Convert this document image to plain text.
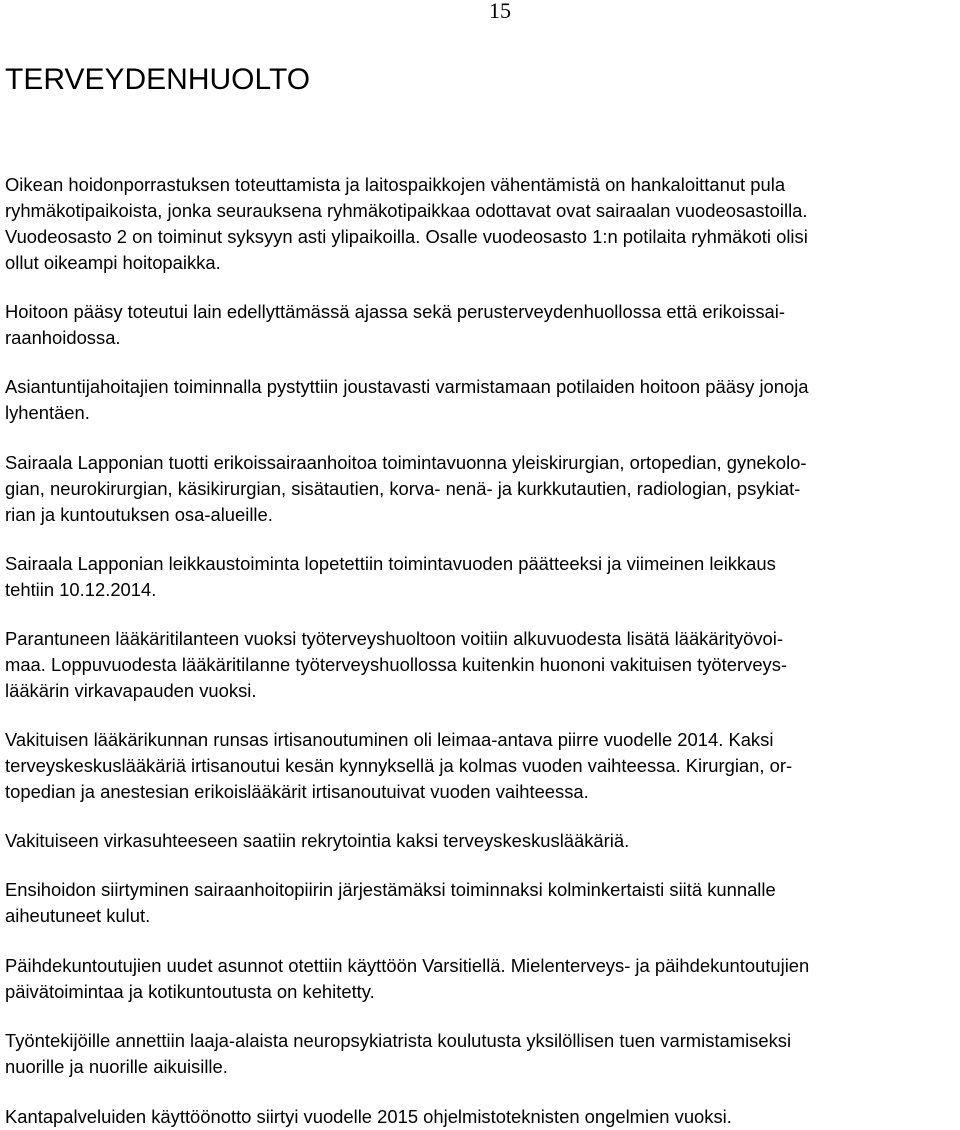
15
TERVEYDENHUOLTO

Oikean hoidonporrastuksen toteuttamista ja laitospaikkojen vähentämistä on hankaloittanut pula
ryhmäkotipaikoista, jonka seurauksena ryhmäkotipaikkaa odottavat ovat sairaalan vuodeosastoilla.
Vuodeosasto 2 on toiminut syksyyn asti ylipaikoilla. Osalle vuodeosasto 1:n potilaita ryhmäkoti olisi
ollut oikeampi hoitopaikka.

Hoitoon pääsy toteutui lain edellyttämässä ajassa sekä perusterveydenhuollossa että erikoissai-
raanhoidossa.

Asiantuntijahoitajien toiminnalla pystyttiin joustavasti varmistamaan potilaiden hoitoon pääsy jonoja
lyhentäen.

Sairaala Lapponian tuotti erikoissairaanhoitoa toimintavuonna yleiskirurgian, ortopedian, gynekolo-
gian, neurokirurgian, käsikirurgian, sisätautien, korva- nenä- ja kurkkutautien, radiologian, psykiat-
rian ja kuntoutuksen osa-alueille.

Sairaala Lapponian leikkaustoiminta lopetettiin toimintavuoden päätteeksi ja viimeinen leikkaus
tehtiin 10.12.2014.

Parantuneen lääkäritilanteen vuoksi työterveyshuoltoon voitiin alkuvuodesta lisätä lääkärityövoi-
maa. Loppuvuodesta lääkäritilanne työterveyshuollossa kuitenkin huononi vakituisen työterveys-
lääkärin virkavapauden vuoksi.

Vakituisen lääkärikunnan runsas irtisanoutuminen oli leimaa-antava piirre vuodelle 2014. Kaksi
terveyskeskuslääkäriä irtisanoutui kesän kynnyksellä ja kolmas vuoden vaihteessa. Kirurgian, or-
topedian ja anestesian erikoislääkärit irtisanoutuivat vuoden vaihteessa.

Vakituiseen virkasuhteeseen saatiin rekrytointia kaksi terveyskeskuslääkäriä.

Ensihoidon siirtyminen sairaanhoitopiirin järjestämäksi toiminnaksi kolminkertaisti siitä kunnalle
aiheutuneet kulut.

Päihdekuntoutujien uudet asunnot otettiin käyttöön Varsitiellä. Mielenterveys- ja päihdekuntoutujien
päivätoimintaa ja kotikuntoutusta on kehitetty.

Työntekijöille annettiin laaja-alaista neuropsykiatrista koulutusta yksilöllisen tuen varmistamiseksi
nuorille ja nuorille aikuisille.

Kantapalveluiden käyttöönotto siirtyi vuodelle 2015 ohjelmistoteknisten ongelmien vuoksi.
